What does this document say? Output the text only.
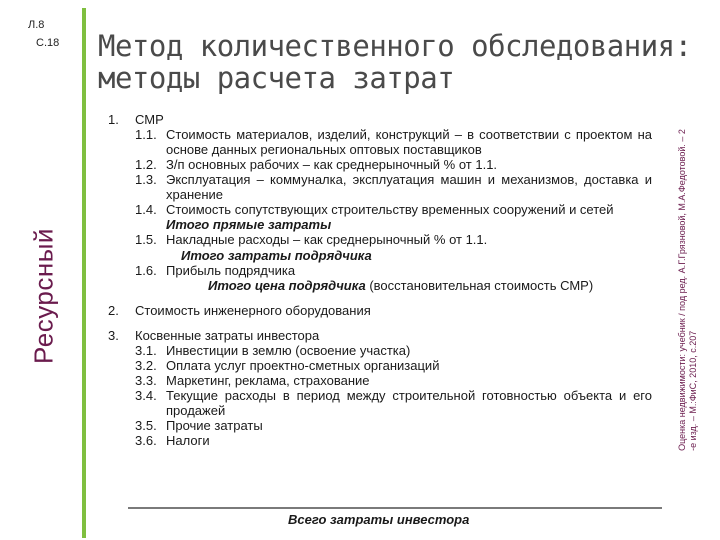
Л.8
С.18
Ресурсный
Метод количественного обследования:
методы расчета затрат
Оценка недвижимости: учебник / под ред. А.Г.Грязновой, М.А.Федотовой. – 2 -е изд. – М.:ФиС, 2010, с.207
1.	СМР
1.1. Стоимость материалов, изделий, конструкций – в соответствии с проектом на основе данных региональных оптовых поставщиков
1.2. З/п основных рабочих – как среднерыночный % от 1.1.
1.3. Эксплуатация – коммуналка, эксплуатация машин и механизмов, доставка и хранение
1.4. Стоимость сопутствующих строительству временных сооружений и сетей
Итого прямые затраты
1.5. Накладные расходы – как среднерыночный % от 1.1.
Итого затраты подрядчика
1.6. Прибыль подрядчика
Итого цена подрядчика (восстановительная стоимость СМР)
2.	Стоимость инженерного оборудования
3.	Косвенные затраты инвестора
3.1. Инвестиции в землю (освоение участка)
3.2. Оплата услуг проектно-сметных организаций
3.3. Маркетинг, реклама, страхование
3.4. Текущие расходы в период между строительной готовностью объекта и его продажей
3.5. Прочие затраты
3.6. Налоги
Всего затраты инвестора
